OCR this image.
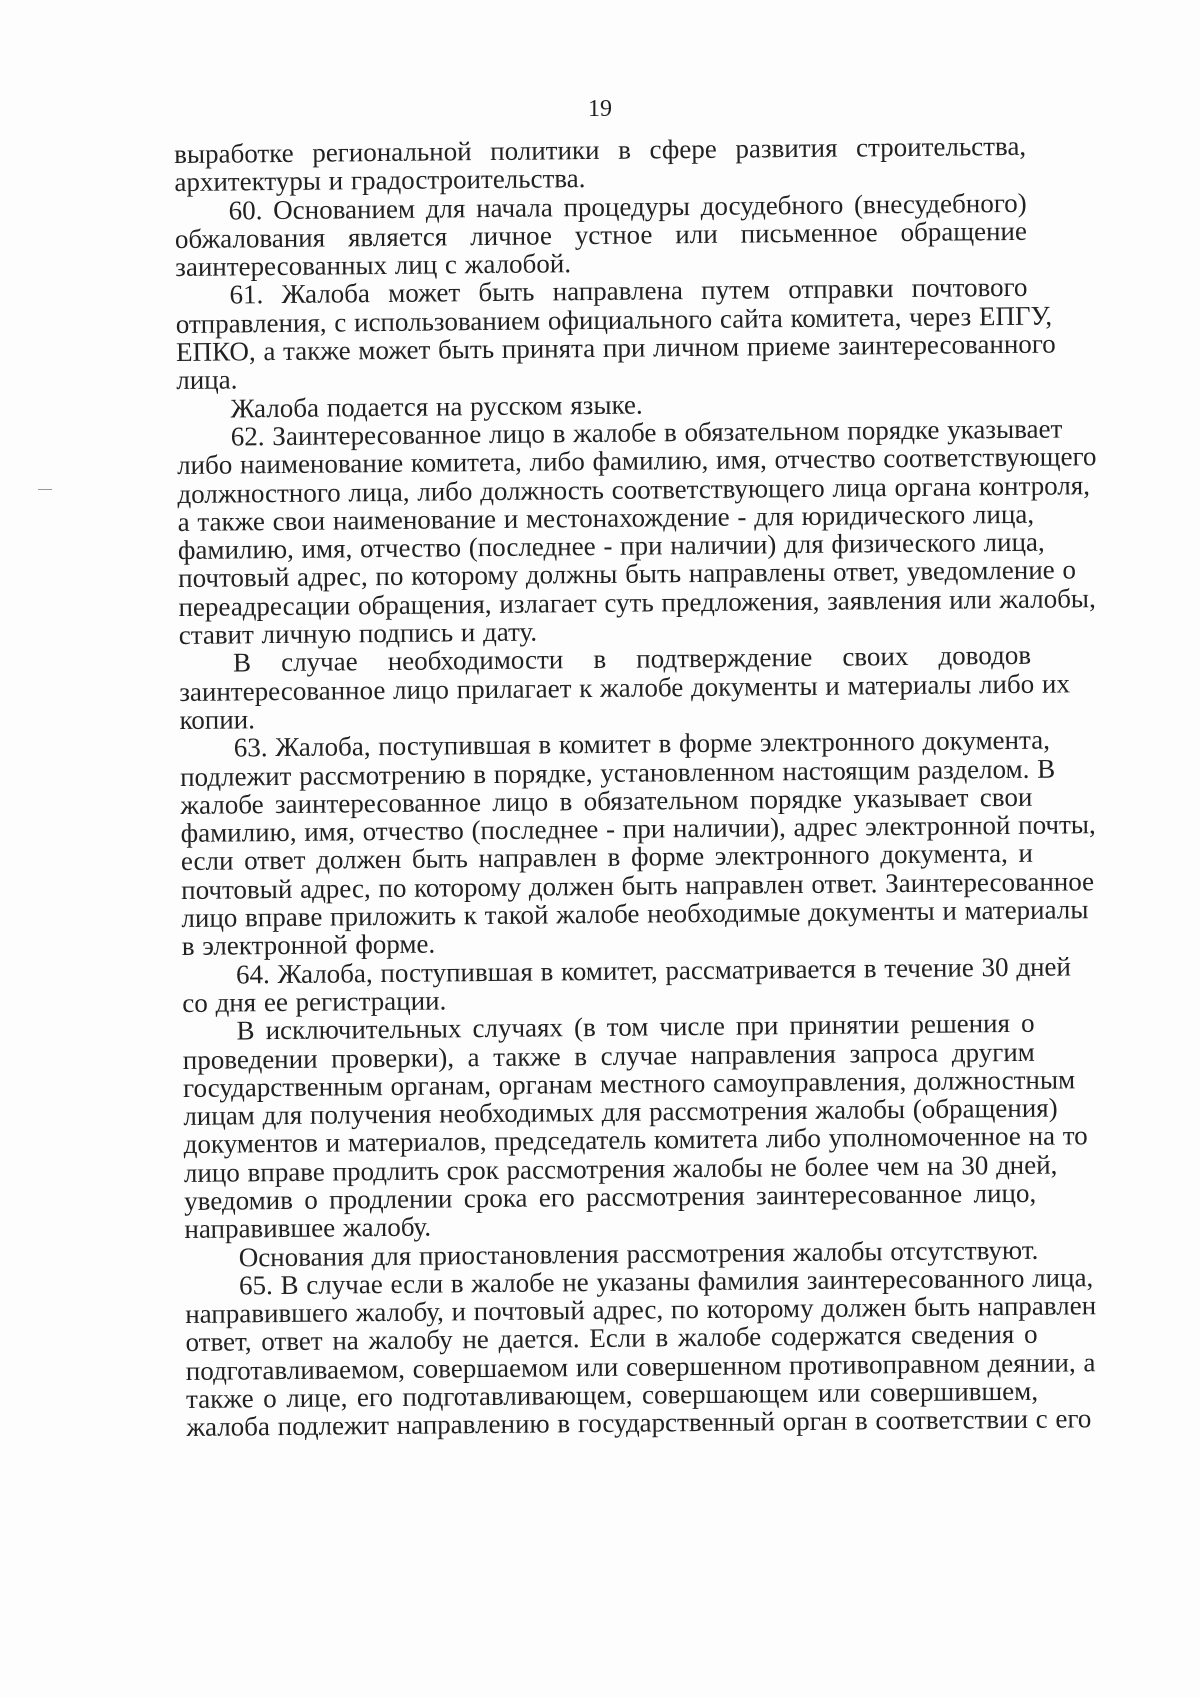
19
выработке региональной политики в сфере развития строительства,
архитектуры и градостроительства.
60. Основанием для начала процедуры досудебного (внесудебного)
обжалования является личное устное или письменное обращение
заинтересованных лиц с жалобой.
61. Жалоба может быть направлена путем отправки почтового
отправления, с использованием официального сайта комитета, через ЕПГУ,
ЕПКО, а также может быть принята при личном приеме заинтересованного
лица.
Жалоба подается на русском языке.
62. Заинтересованное лицо в жалобе в обязательном порядке указывает
либо наименование комитета, либо фамилию, имя, отчество соответствующего
должностного лица, либо должность соответствующего лица органа контроля,
а также свои наименование и местонахождение - для юридического лица,
фамилию, имя, отчество (последнее - при наличии) для физического лица,
почтовый адрес, по которому должны быть направлены ответ, уведомление о
переадресации обращения, излагает суть предложения, заявления или жалобы,
ставит личную подпись и дату.
В случае необходимости в подтверждение своих доводов
заинтересованное лицо прилагает к жалобе документы и материалы либо их
копии.
63. Жалоба, поступившая в комитет в форме электронного документа,
подлежит рассмотрению в порядке, установленном настоящим разделом. В
жалобе заинтересованное лицо в обязательном порядке указывает свои
фамилию, имя, отчество (последнее - при наличии), адрес электронной почты,
если ответ должен быть направлен в форме электронного документа, и
почтовый адрес, по которому должен быть направлен ответ. Заинтересованное
лицо вправе приложить к такой жалобе необходимые документы и материалы
в электронной форме.
64. Жалоба, поступившая в комитет, рассматривается в течение 30 дней
со дня ее регистрации.
В исключительных случаях (в том числе при принятии решения о
проведении проверки), а также в случае направления запроса другим
государственным органам, органам местного самоуправления, должностным
лицам для получения необходимых для рассмотрения жалобы (обращения)
документов и материалов, председатель комитета либо уполномоченное на то
лицо вправе продлить срок рассмотрения жалобы не более чем на 30 дней,
уведомив о продлении срока его рассмотрения заинтересованное лицо,
направившее жалобу.
Основания для приостановления рассмотрения жалобы отсутствуют.
65. В случае если в жалобе не указаны фамилия заинтересованного лица,
направившего жалобу, и почтовый адрес, по которому должен быть направлен
ответ, ответ на жалобу не дается. Если в жалобе содержатся сведения о
подготавливаемом, совершаемом или совершенном противоправном деянии, а
также о лице, его подготавливающем, совершающем или совершившем,
жалоба подлежит направлению в государственный орган в соответствии с его
